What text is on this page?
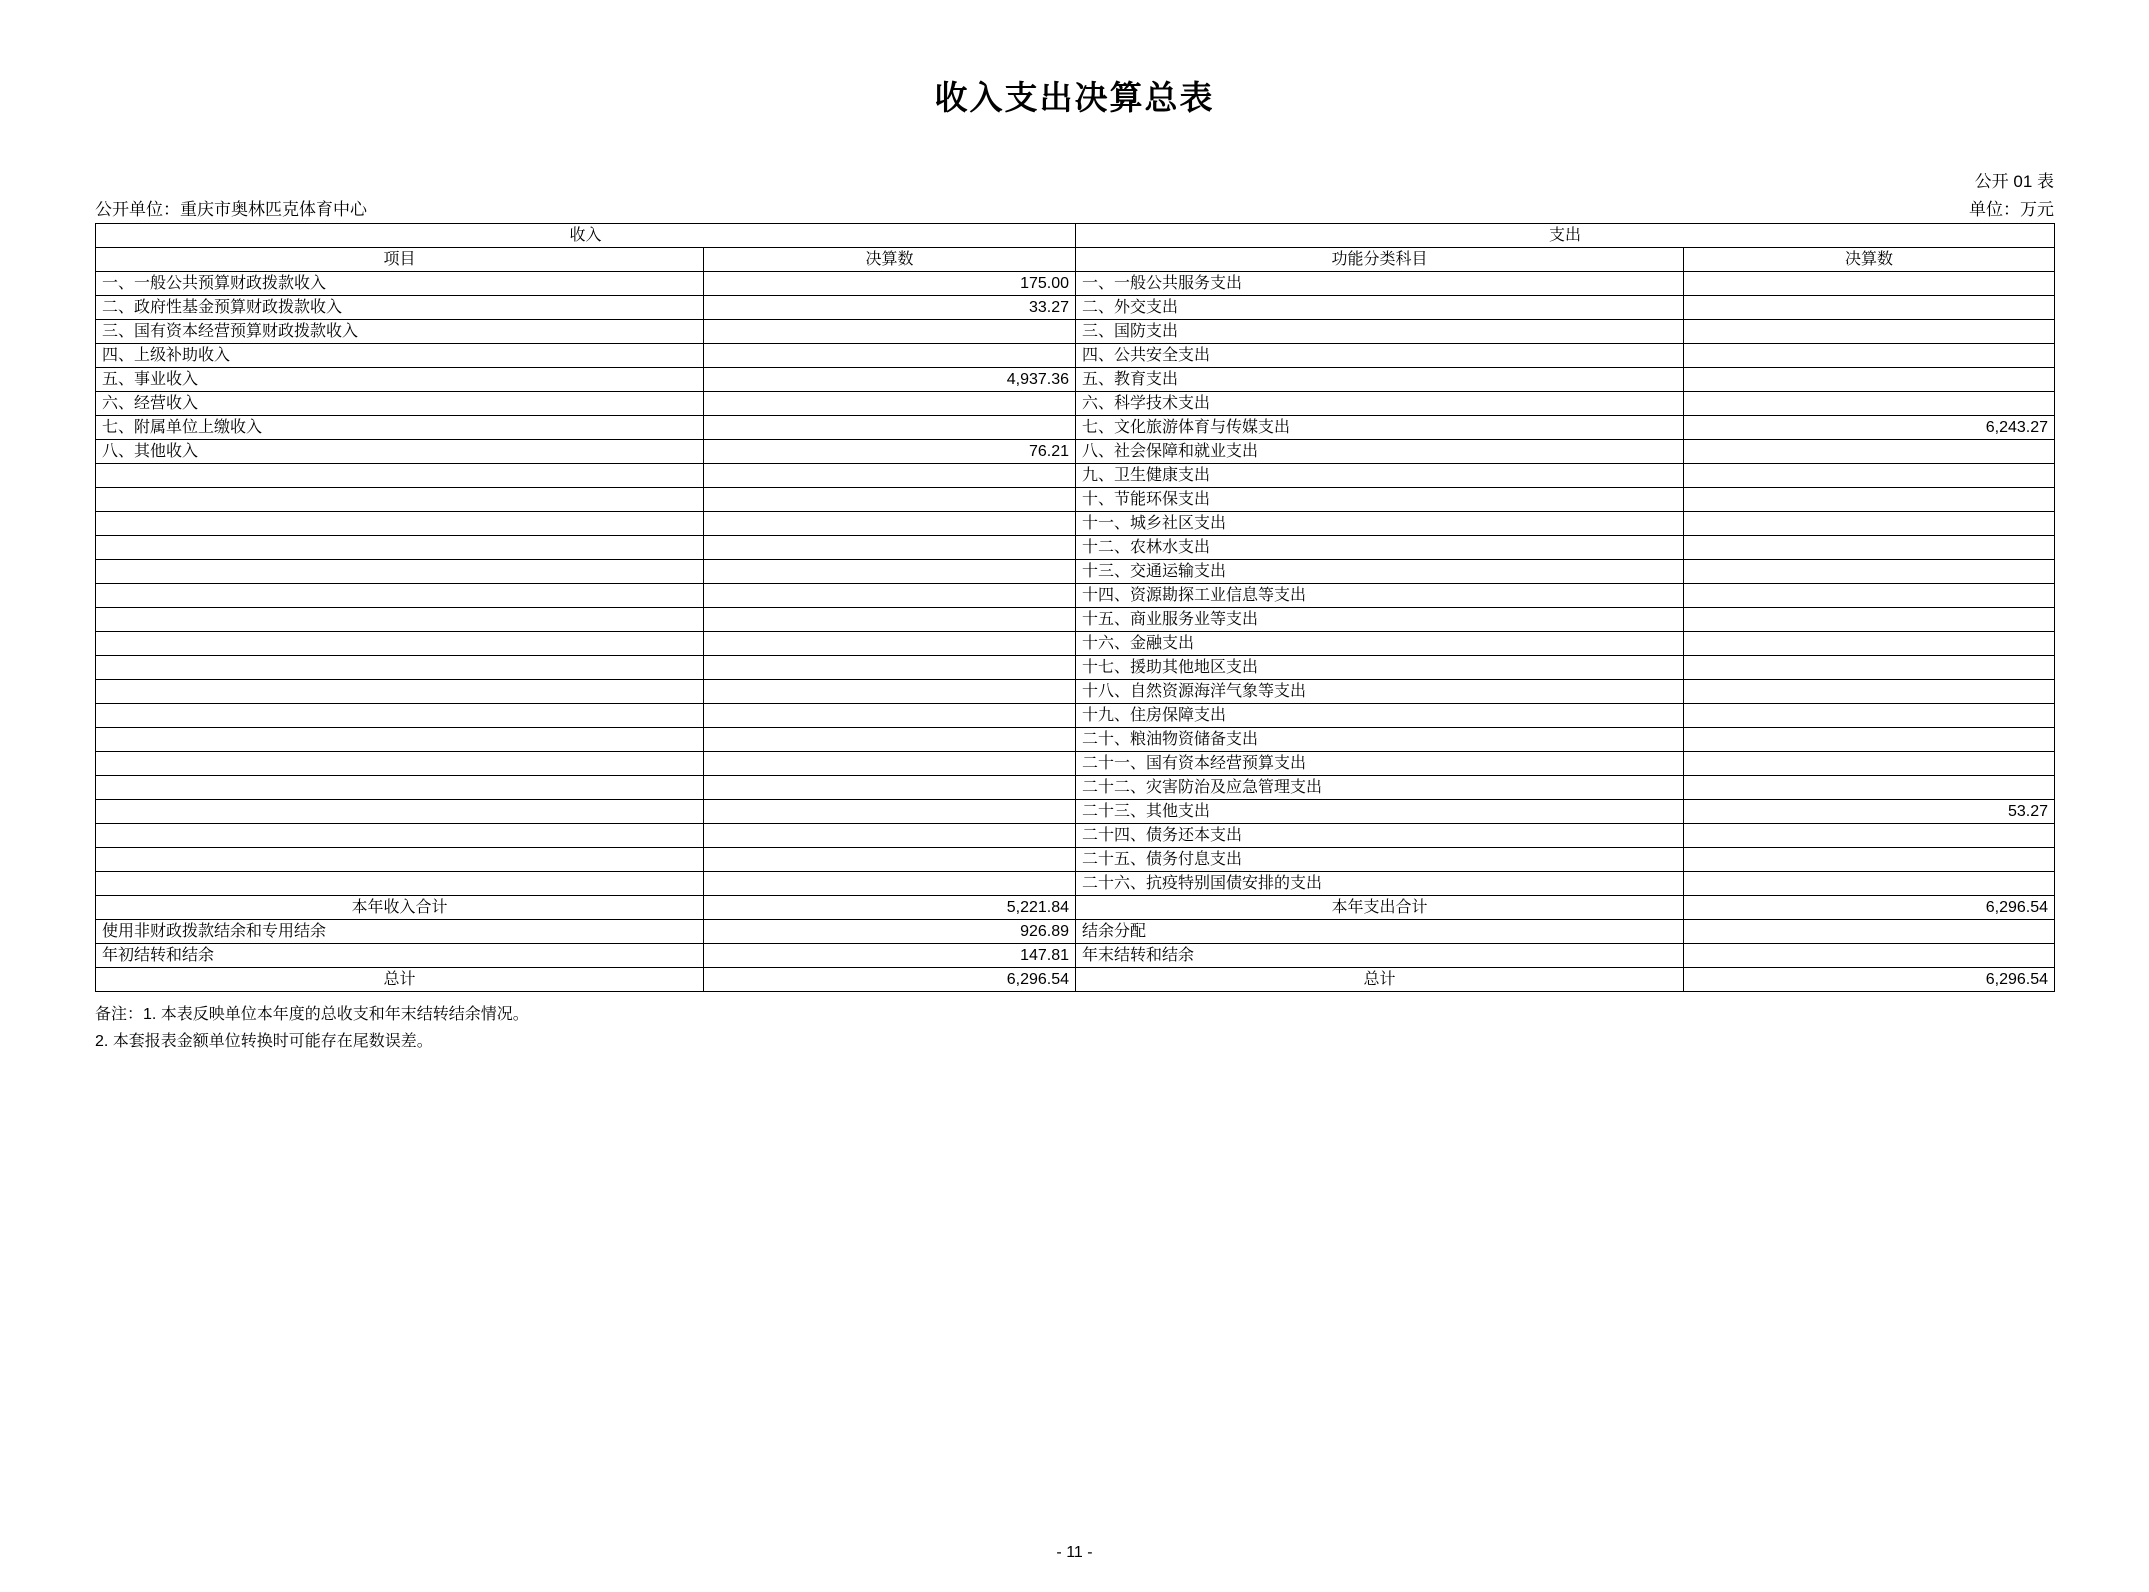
收入支出决算总表
公开 01 表
公开单位：重庆市奥林匹克体育中心	单位：万元
收入		支出	
项目	决算数	功能分类科目	决算数
一、一般公共预算财政拨款收入	175.00	一、一般公共服务支出	
二、政府性基金预算财政拨款收入	33.27	二、外交支出	
三、国有资本经营预算财政拨款收入		三、国防支出	
四、上级补助收入		四、公共安全支出	
五、事业收入	4,937.36	五、教育支出	
六、经营收入		六、科学技术支出	
七、附属单位上缴收入		七、文化旅游体育与传媒支出	6,243.27
八、其他收入	76.21	八、社会保障和就业支出	
		九、卫生健康支出	
		十、节能环保支出	
		十一、城乡社区支出	
		十二、农林水支出	
		十三、交通运输支出	
		十四、资源勘探工业信息等支出	
		十五、商业服务业等支出	
		十六、金融支出	
		十七、援助其他地区支出	
		十八、自然资源海洋气象等支出	
		十九、住房保障支出	
		二十、粮油物资储备支出	
		二十一、国有资本经营预算支出	
		二十二、灾害防治及应急管理支出	
		二十三、其他支出	53.27
		二十四、债务还本支出	
		二十五、债务付息支出	
		二十六、抗疫特别国债安排的支出	
本年收入合计	5,221.84	本年支出合计	6,296.54
使用非财政拨款结余和专用结余	926.89	结余分配	
年初结转和结余	147.81	年末结转和结余	
总计	6,296.54	总计	6,296.54
备注：1. 本表反映单位本年度的总收支和年末结转结余情况。
2. 本套报表金额单位转换时可能存在尾数误差。
- 11 -
